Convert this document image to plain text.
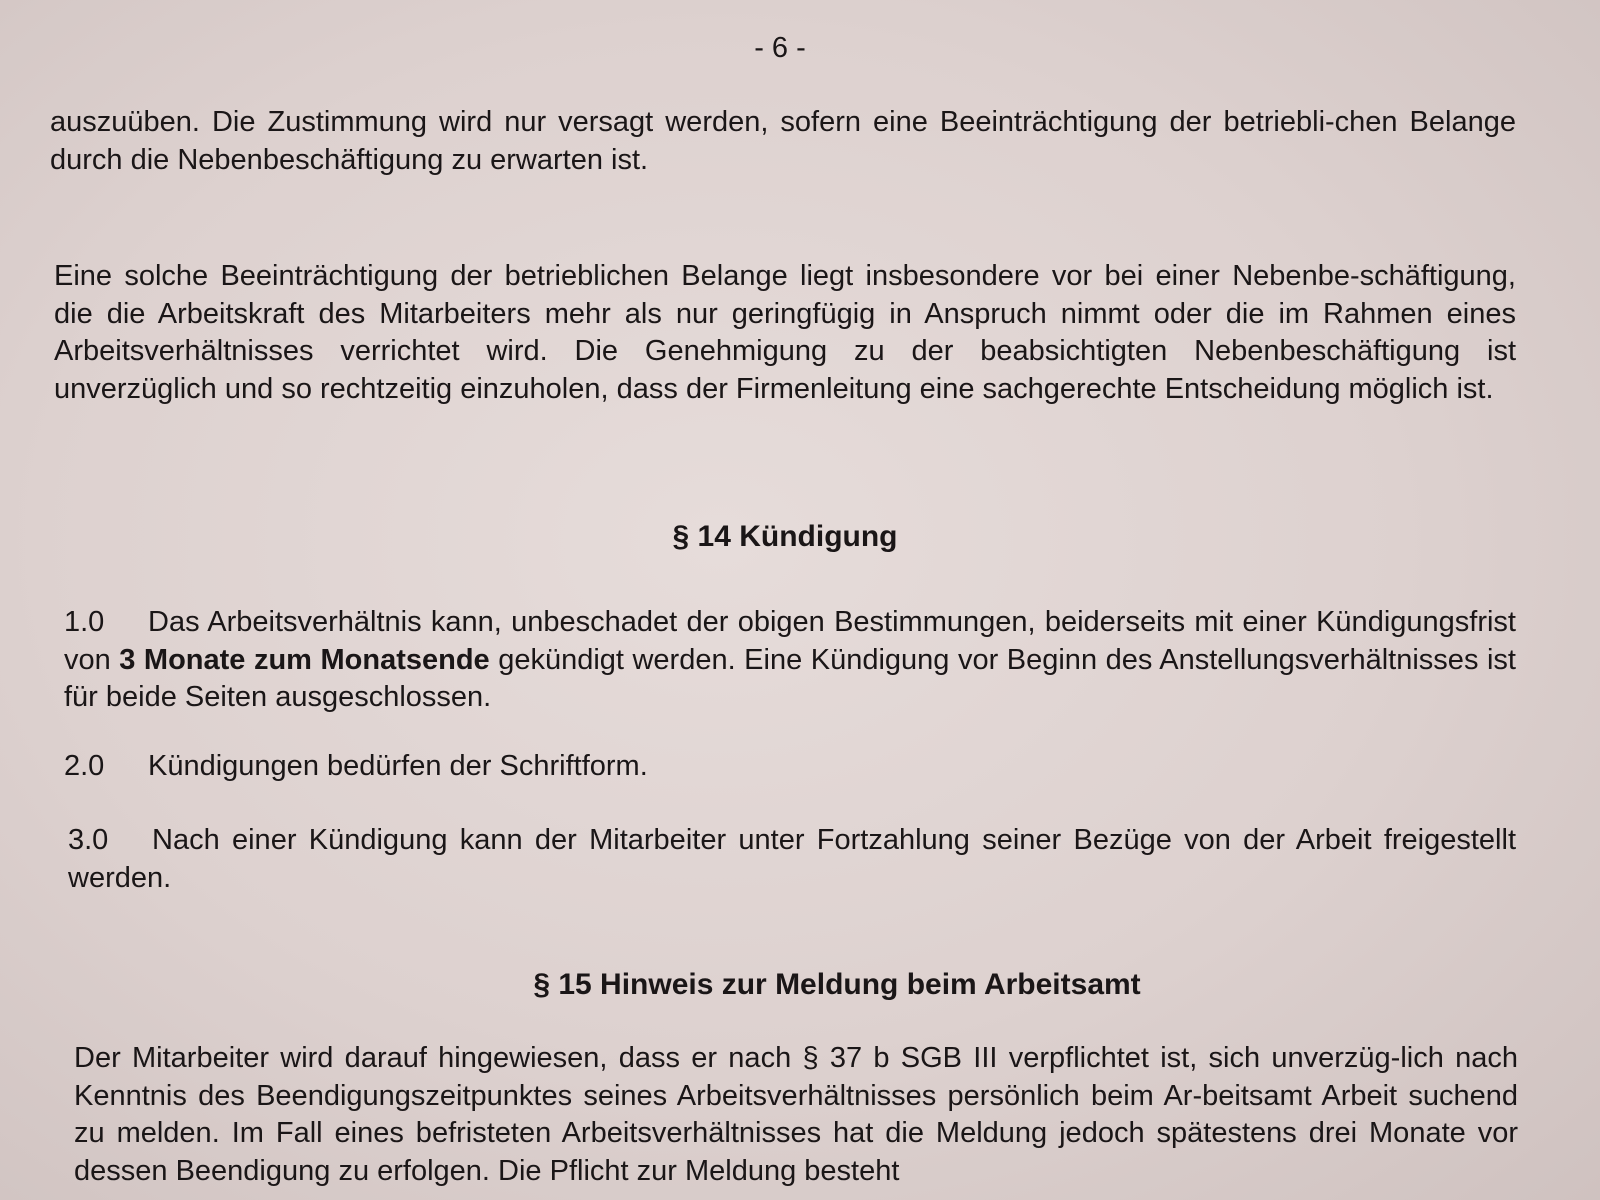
- 6 -

auszuüben. Die Zustimmung wird nur versagt werden, sofern eine Beeinträchtigung der betriebli-chen Belange durch die Nebenbeschäftigung zu erwarten ist.

Eine solche Beeinträchtigung der betrieblichen Belange liegt insbesondere vor bei einer Nebenbe-schäftigung, die die Arbeitskraft des Mitarbeiters mehr als nur geringfügig in Anspruch nimmt oder die im Rahmen eines Arbeitsverhältnisses verrichtet wird. Die Genehmigung zu der beabsichtigten Nebenbeschäftigung ist unverzüglich und so rechtzeitig einzuholen, dass der Firmenleitung eine sachgerechte Entscheidung möglich ist.

§ 14 Kündigung

1.0 Das Arbeitsverhältnis kann, unbeschadet der obigen Bestimmungen, beiderseits mit einer Kündigungsfrist von 3 Monate zum Monatsende gekündigt werden. Eine Kündigung vor Beginn des Anstellungsverhältnisses ist für beide Seiten ausgeschlossen.

2.0 Kündigungen bedürfen der Schriftform.

3.0 Nach einer Kündigung kann der Mitarbeiter unter Fortzahlung seiner Bezüge von der Arbeit freigestellt werden.

§ 15 Hinweis zur Meldung beim Arbeitsamt

Der Mitarbeiter wird darauf hingewiesen, dass er nach § 37 b SGB III verpflichtet ist, sich unverzüg-lich nach Kenntnis des Beendigungszeitpunktes seines Arbeitsverhältnisses persönlich beim Ar-beitsamt Arbeit suchend zu melden. Im Fall eines befristeten Arbeitsverhältnisses hat die Meldung jedoch spätestens drei Monate vor dessen Beendigung zu erfolgen. Die Pflicht zur Meldung besteht
